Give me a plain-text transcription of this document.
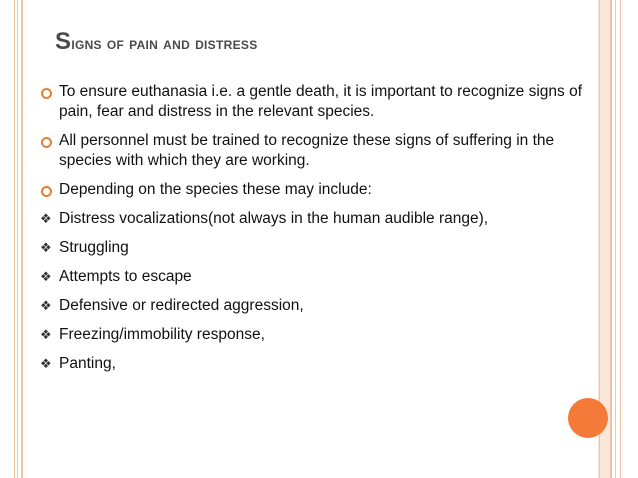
Signs of pain and distress
To ensure euthanasia i.e. a gentle death, it is important to recognize signs of pain, fear and distress in the relevant species.
All personnel must be trained to recognize these signs of suffering in the species with which they are working.
Depending on the species these may include:
❖ Distress vocalizations(not always in the human audible range),
❖ Struggling
❖ Attempts to escape
❖ Defensive or redirected aggression,
❖ Freezing/immobility response,
❖ Panting,
